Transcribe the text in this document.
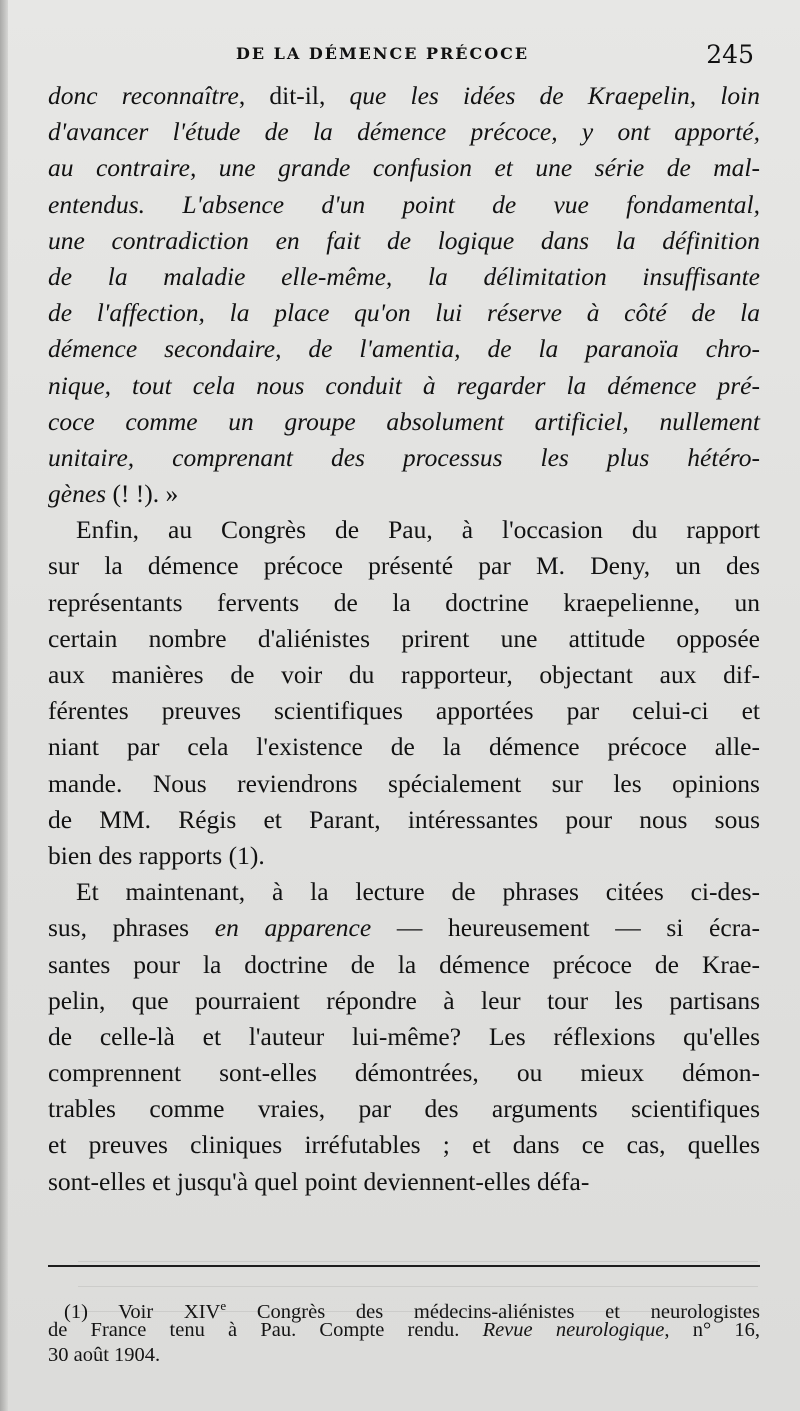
DE LA DÉMENCE PRÉCOCE	245
donc reconnaître, dit-il, que les idées de Kraepelin, loin
d'avancer l'étude de la démence précoce, y ont apporté,
au contraire, une grande confusion et une série de mal-
entendus. L'absence d'un point de vue fondamental,
une contradiction en fait de logique dans la définition
de la maladie elle-même, la délimitation insuffisante
de l'affection, la place qu'on lui réserve à côté de la
démence secondaire, de l'amentia, de la paranoïa chro-
nique, tout cela nous conduit à regarder la démence pré-
coce comme un groupe absolument artificiel, nullement
unitaire, comprenant des processus les plus hétéro-
gènes (! !). »
Enfin, au Congrès de Pau, à l'occasion du rapport
sur la démence précoce présenté par M. Deny, un des
représentants fervents de la doctrine kraepelienne, un
certain nombre d'aliénistes prirent une attitude opposée
aux manières de voir du rapporteur, objectant aux dif-
férentes preuves scientifiques apportées par celui-ci et
niant par cela l'existence de la démence précoce alle-
mande. Nous reviendrons spécialement sur les opinions
de MM. Régis et Parant, intéressantes pour nous sous
bien des rapports (1).
Et maintenant, à la lecture de phrases citées ci-des-
sus, phrases en apparence — heureusement — si écra-
santes pour la doctrine de la démence précoce de Krae-
pelin, que pourraient répondre à leur tour les partisans
de celle-là et l'auteur lui-même? Les réflexions qu'elles
comprennent sont-elles démontrées, ou mieux démon-
trables comme vraies, par des arguments scientifiques
et preuves cliniques irréfutables ; et dans ce cas, quelles
sont-elles et jusqu'à quel point deviennent-elles défa-
(1) Voir XIVe Congrès des médecins-aliénistes et neurologistes
de France tenu à Pau. Compte rendu. Revue neurologique, n° 16,
30 août 1904.
